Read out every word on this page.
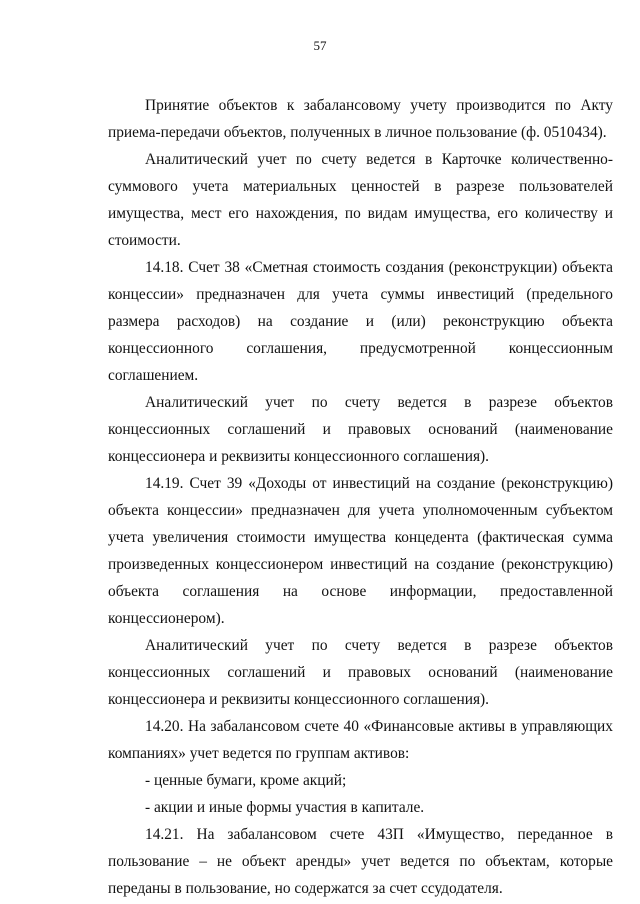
57

Принятие объектов к забалансовому учету производится по Акту приема-передачи объектов, полученных в личное пользование (ф. 0510434).

Аналитический учет по счету ведется в Карточке количественно-суммового учета материальных ценностей в разрезе пользователей имущества, мест его нахождения, по видам имущества, его количеству и стоимости.

14.18. Счет 38 «Сметная стоимость создания (реконструкции) объекта концессии» предназначен для учета суммы инвестиций (предельного размера расходов) на создание и (или) реконструкцию объекта концессионного соглашения, предусмотренной концессионным соглашением.

Аналитический учет по счету ведется в разрезе объектов концессионных соглашений и правовых оснований (наименование концессионера и реквизиты концессионного соглашения).

14.19. Счет 39 «Доходы от инвестиций на создание (реконструкцию) объекта концессии» предназначен для учета уполномоченным субъектом учета увеличения стоимости имущества концедента (фактическая сумма произведенных концессионером инвестиций на создание (реконструкцию) объекта соглашения на основе информации, предоставленной концессионером).

Аналитический учет по счету ведется в разрезе объектов концессионных соглашений и правовых оснований (наименование концессионера и реквизиты концессионного соглашения).

14.20. На забалансовом счете 40 «Финансовые активы в управляющих компаниях» учет ведется по группам активов:

- ценные бумаги, кроме акций;

- акции и иные формы участия в капитале.

14.21. На забалансовом счете 43П «Имущество, переданное в пользование – не объект аренды» учет ведется по объектам, которые переданы в пользование, но содержатся за счет ссудодателя.
